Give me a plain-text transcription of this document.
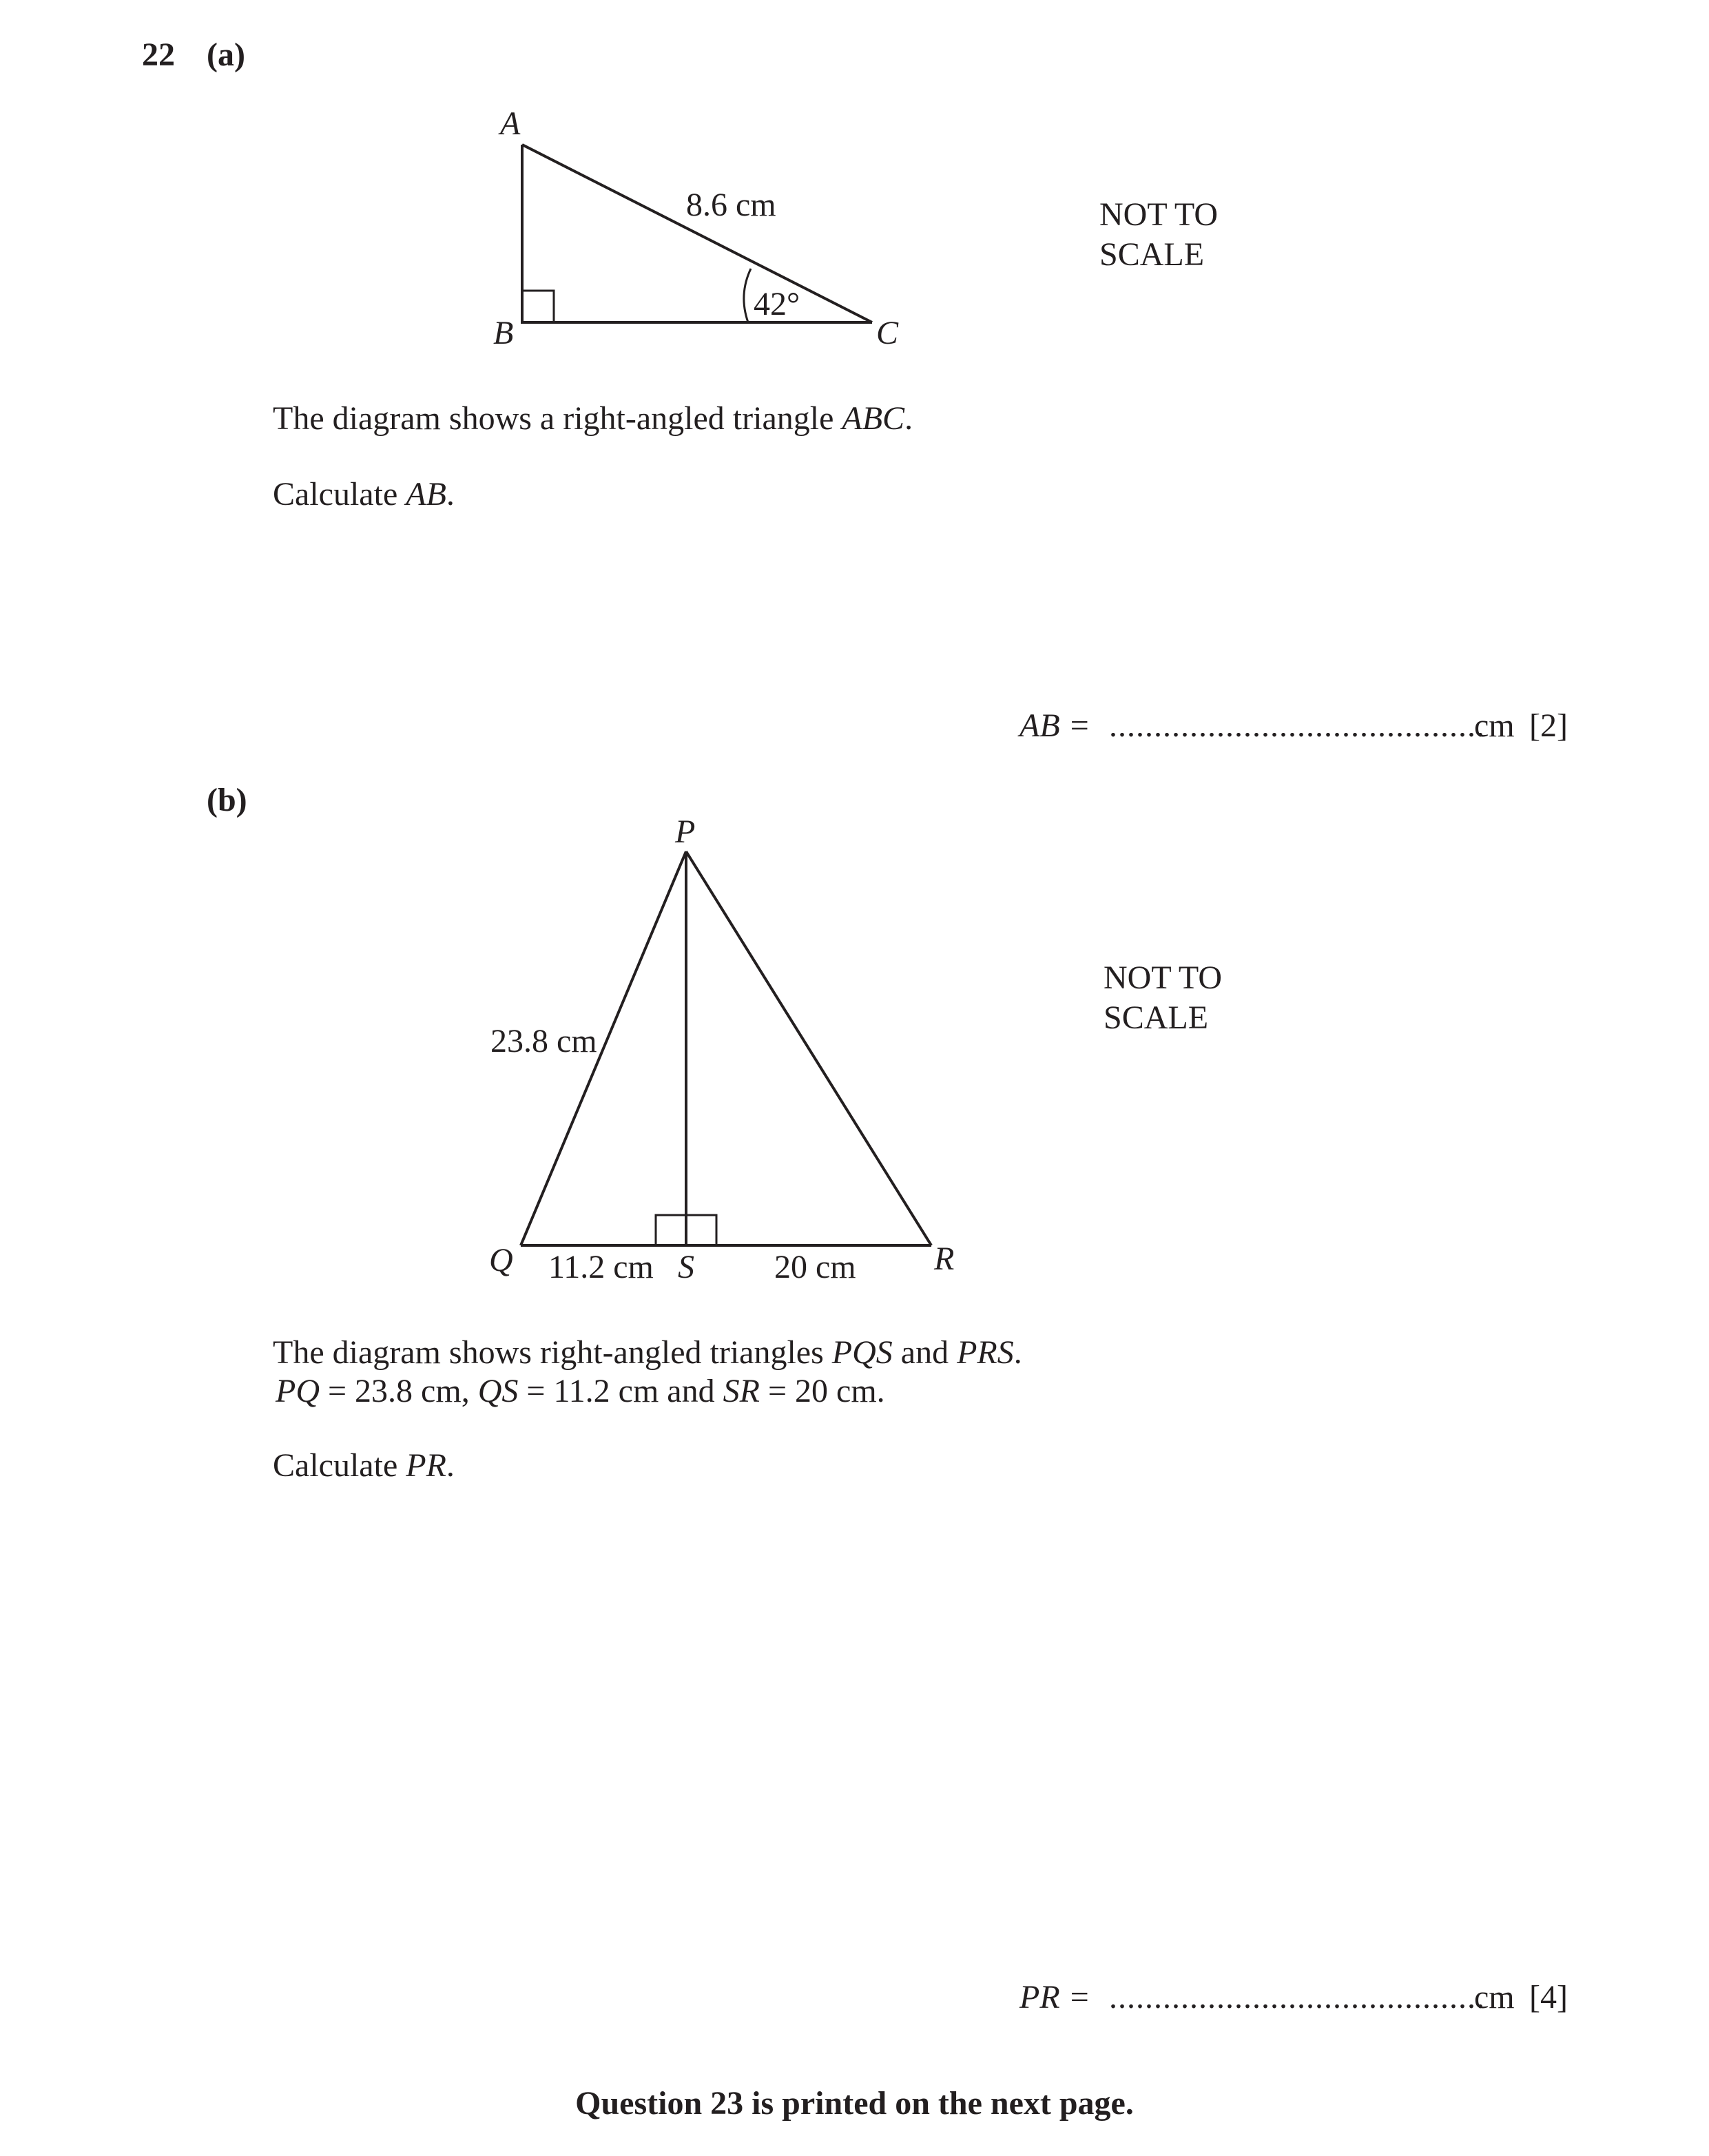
22 (a)
A
B	C
8.6 cm
42°
NOT TO
SCALE
The diagram shows a right-angled triangle ABC.
Calculate AB.
AB = ..........................................
cm [2]
(b)
P
Q	R
S
23.8 cm
11.2 cm	20 cm
NOT TO
SCALE
The diagram shows right-angled triangles PQS and PRS.
PQ = 23.8 cm, QS = 11.2 cm and SR = 20 cm.
Calculate PR.
PR = ..........................................
cm [4]
Question 23 is printed on the next page.
